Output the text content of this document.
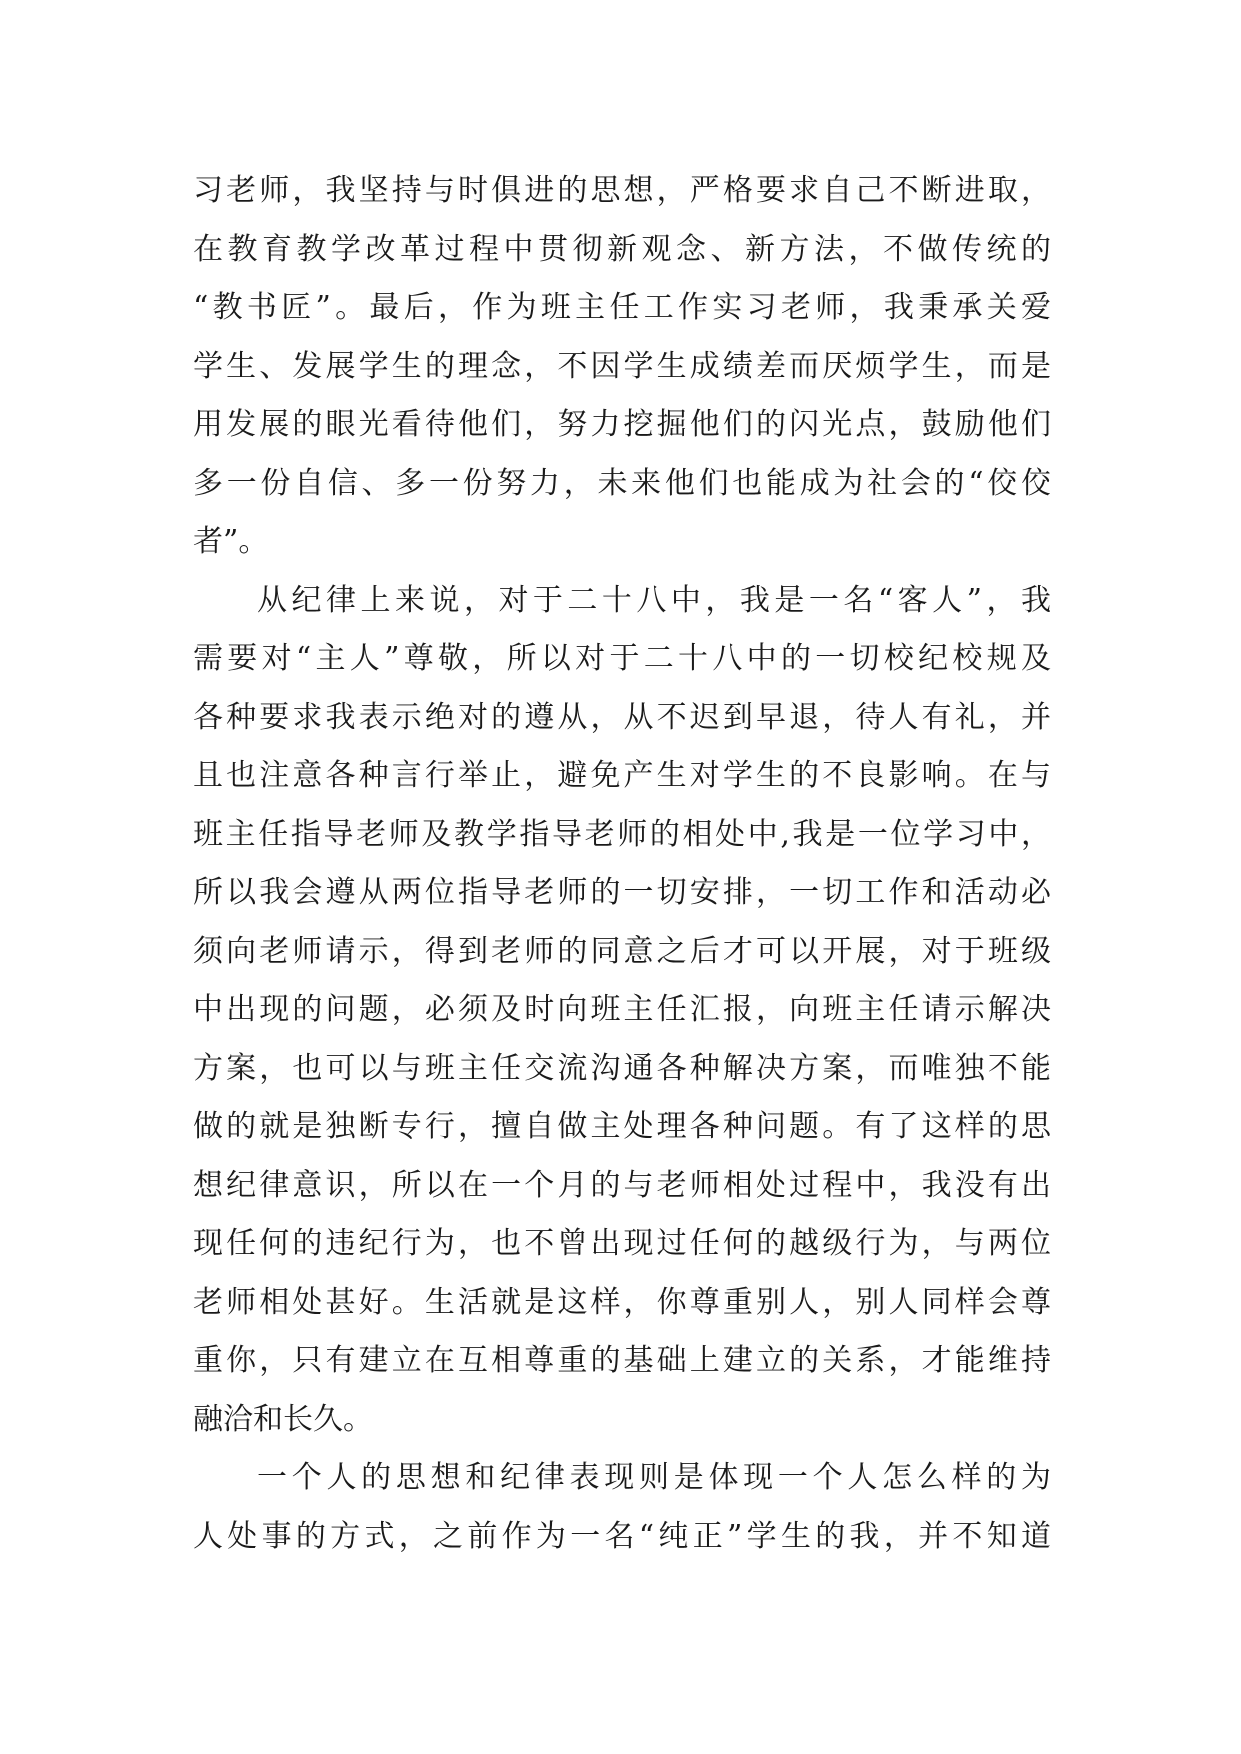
习老师，我坚持与时俱进的思想，严格要求自己不断进取，
在教育教学改革过程中贯彻新观念、新方法，不做传统的
“教书匠”。最后，作为班主任工作实习老师，我秉承关爱
学生、发展学生的理念，不因学生成绩差而厌烦学生，而是
用发展的眼光看待他们，努力挖掘他们的闪光点，鼓励他们
多一份自信、多一份努力，未来他们也能成为社会的“佼佼
者”。
从纪律上来说，对于二十八中，我是一名“客人”，我
需要对“主人”尊敬，所以对于二十八中的一切校纪校规及
各种要求我表示绝对的遵从，从不迟到早退，待人有礼，并
且也注意各种言行举止，避免产生对学生的不良影响。在与
班主任指导老师及教学指导老师的相处中,我是一位学习中，
所以我会遵从两位指导老师的一切安排，一切工作和活动必
须向老师请示，得到老师的同意之后才可以开展，对于班级
中出现的问题，必须及时向班主任汇报，向班主任请示解决
方案，也可以与班主任交流沟通各种解决方案，而唯独不能
做的就是独断专行，擅自做主处理各种问题。有了这样的思
想纪律意识，所以在一个月的与老师相处过程中，我没有出
现任何的违纪行为，也不曾出现过任何的越级行为，与两位
老师相处甚好。生活就是这样，你尊重别人，别人同样会尊
重你，只有建立在互相尊重的基础上建立的关系，才能维持
融洽和长久。
一个人的思想和纪律表现则是体现一个人怎么样的为
人处事的方式，之前作为一名“纯正”学生的我，并不知道
